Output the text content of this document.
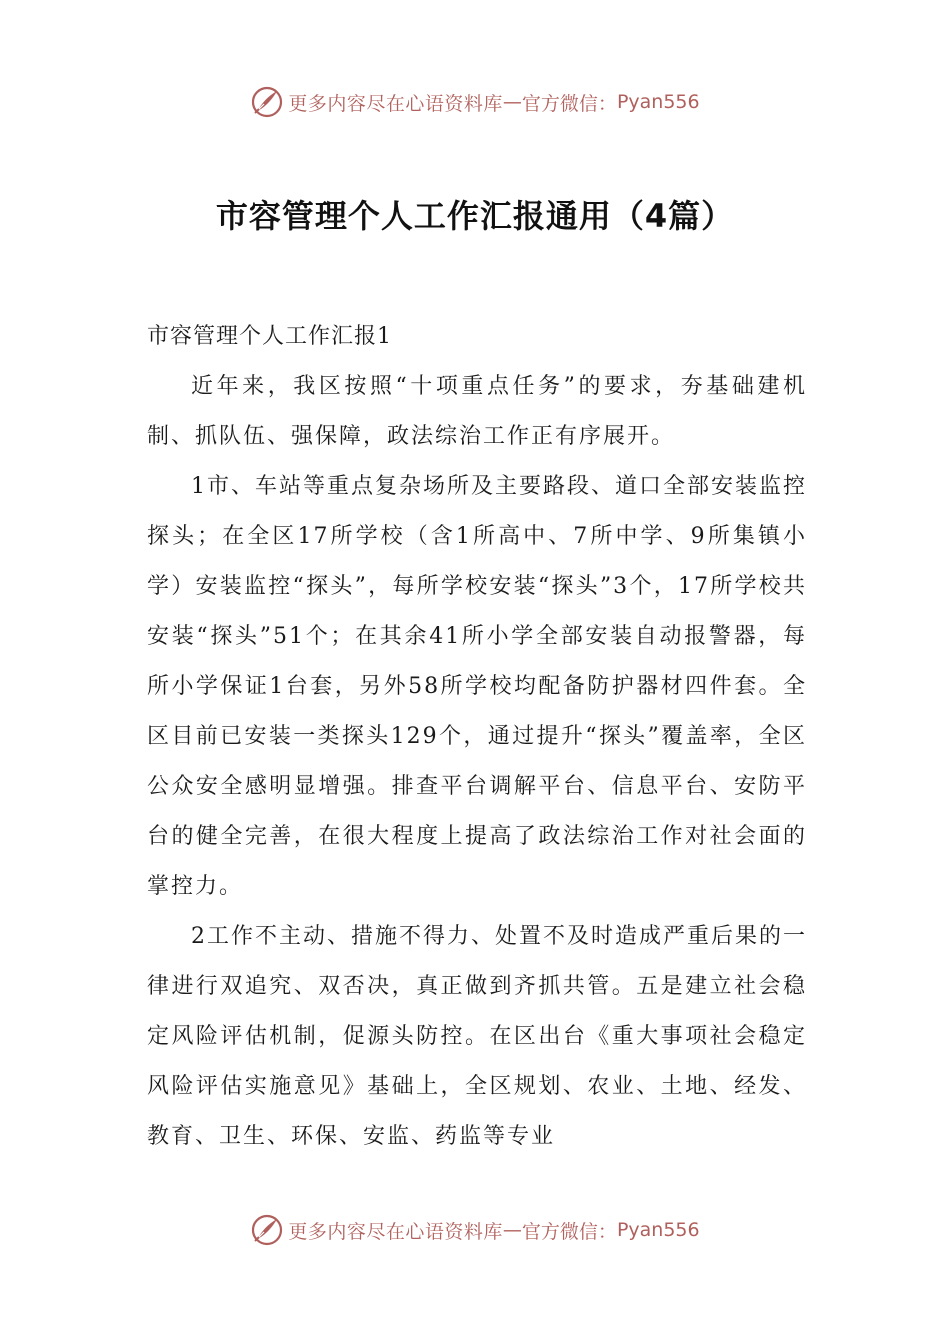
更多内容尽在心语资料库 — 官方微信： Pyan556
市容管理个人工作汇报通用（4篇）

市容管理个人工作汇报1

近年来，我区按照“十项重点任务”的要求，夯基础建机制、抓队伍、强保障，政法综治工作正有序展开。

1市、车站等重点复杂场所及主要路段、道口全部安装监控探头；在全区17所学校（含1所高中、7所中学、9所集镇小学）安装监控“探头”，每所学校安装“探头”3个，17所学校共安装“探头”51个；在其余41所小学全部安装自动报警器，每所小学保证1台套，另外58所学校均配备防护器材四件套。全区目前已安装一类探头129个，通过提升“探头”覆盖率，全区公众安全感明显增强。排查平台调解平台、信息平台、安防平台的健全完善，在很大程度上提高了政法综治工作对社会面的掌控力。

2工作不主动、措施不得力、处置不及时造成严重后果的一律进行双追究、双否决，真正做到齐抓共管。五是建立社会稳定风险评估机制，促源头防控。在区出台《重大事项社会稳定风险评估实施意见》基础上，全区规划、农业、土地、经发、教育、卫生、环保、安监、药监等专业

更多内容尽在心语资料库 — 官方微信： Pyan556
